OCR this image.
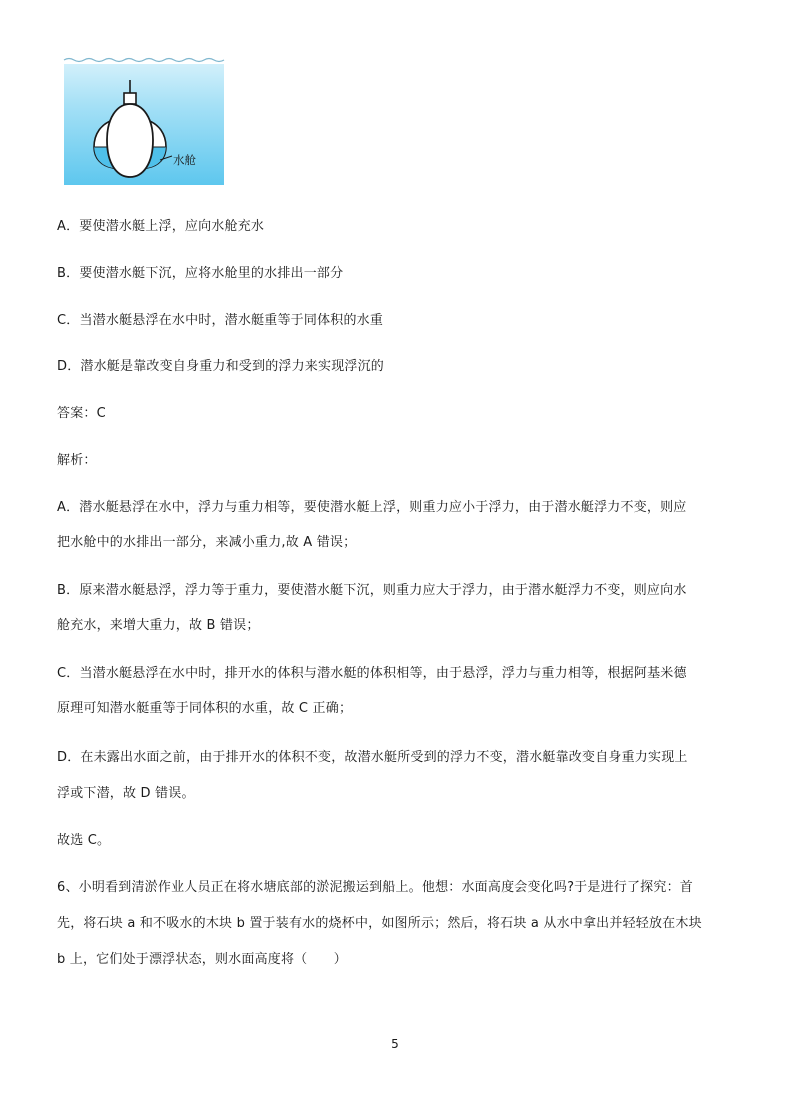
水舱
A．要使潜水艇上浮，应向水舱充水
B．要使潜水艇下沉，应将水舱里的水排出一部分
C．当潜水艇悬浮在水中时，潜水艇重等于同体积的水重
D．潜水艇是靠改变自身重力和受到的浮力来实现浮沉的
答案：C
解析：
A．潜水艇悬浮在水中，浮力与重力相等，要使潜水艇上浮，则重力应小于浮力，由于潜水艇浮力不变，则应
把水舱中的水排出一部分，来减小重力,故 A 错误；
B．原来潜水艇悬浮，浮力等于重力，要使潜水艇下沉，则重力应大于浮力，由于潜水艇浮力不变，则应向水
舱充水，来增大重力，故 B 错误；
C．当潜水艇悬浮在水中时，排开水的体积与潜水艇的体积相等，由于悬浮，浮力与重力相等，根据阿基米德
原理可知潜水艇重等于同体积的水重，故 C 正确；
D．在未露出水面之前，由于排开水的体积不变，故潜水艇所受到的浮力不变，潜水艇靠改变自身重力实现上
浮或下潜，故 D 错误。
故选 C。
6、小明看到清淤作业人员正在将水塘底部的淤泥搬运到船上。他想：水面高度会变化吗?于是进行了探究：首
先，将石块 a 和不吸水的木块 b 置于装有水的烧杯中，如图所示；然后，将石块 a 从水中拿出并轻轻放在木块
b 上，它们处于漂浮状态，则水面高度将（　　）
5
